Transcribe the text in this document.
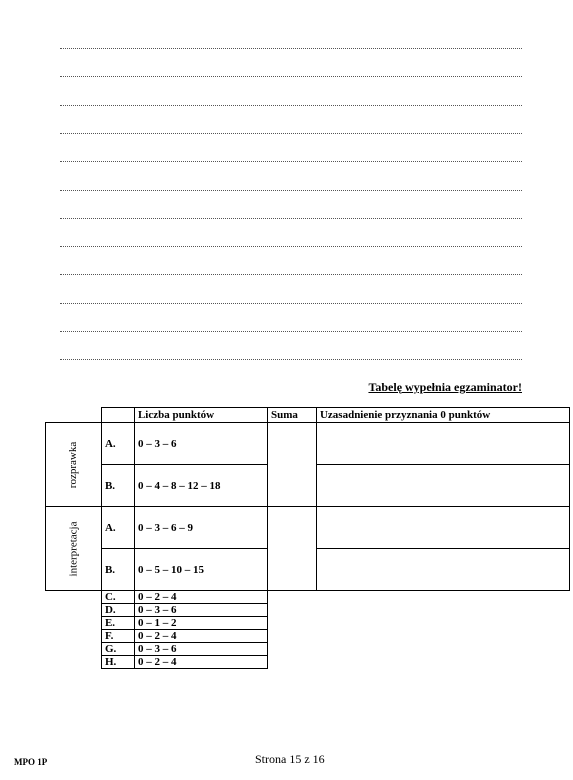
Tabelę wypełnia egzaminator!
		Liczba punktów	Suma	Uzasadnienie przyznania 0 punktów
rozprawka	A.	0 – 3 – 6		
	B.	0 – 4 – 8 – 12 – 18		
interpretacja	A.	0 – 3 – 6 – 9		
	B.	0 – 5 – 10 – 15		
	C.	0 – 2 – 4		
	D.	0 – 3 – 6		
	E.	0 – 1 – 2		
	F.	0 – 2 – 4		
	G.	0 – 3 – 6		
	H.	0 – 2 – 4		
MPO 1P	Strona 15 z 16
